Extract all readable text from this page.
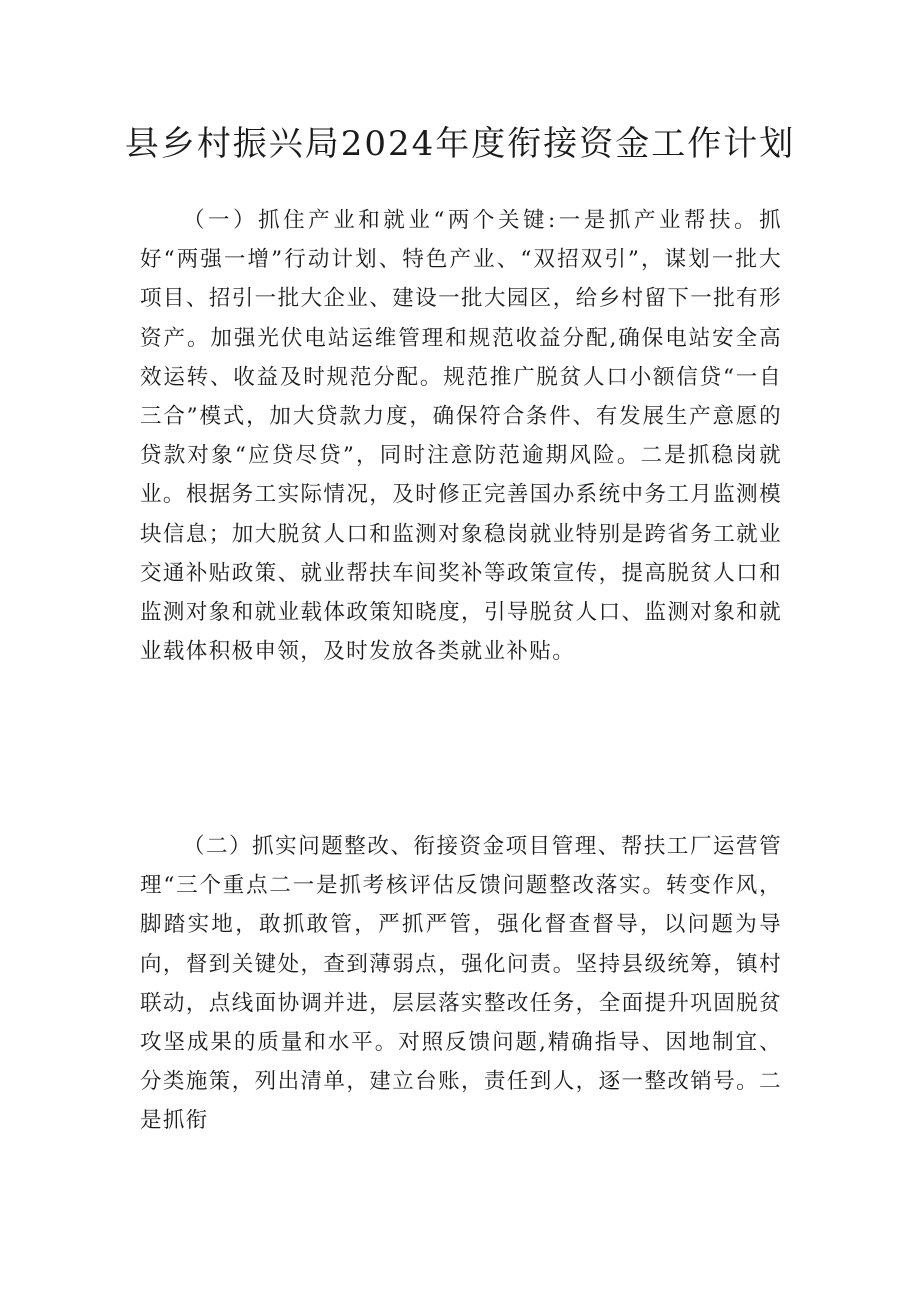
县乡村振兴局2024年度衔接资金工作计划

（一）抓住产业和就业“两个关键:一是抓产业帮扶。抓好“两强一增”行动计划、特色产业、“双招双引”，谋划一批大项目、招引一批大企业、建设一批大园区，给乡村留下一批有形资产。加强光伏电站运维管理和规范收益分配,确保电站安全高效运转、收益及时规范分配。规范推广脱贫人口小额信贷“一自三合”模式，加大贷款力度，确保符合条件、有发展生产意愿的贷款对象“应贷尽贷”，同时注意防范逾期风险。二是抓稳岗就业。根据务工实际情况，及时修正完善国办系统中务工月监测模块信息；加大脱贫人口和监测对象稳岗就业特别是跨省务工就业交通补贴政策、就业帮扶车间奖补等政策宣传，提高脱贫人口和监测对象和就业载体政策知晓度，引导脱贫人口、监测对象和就业载体积极申领，及时发放各类就业补贴。

（二）抓实问题整改、衔接资金项目管理、帮扶工厂运营管理“三个重点二一是抓考核评估反馈问题整改落实。转变作风，脚踏实地，敢抓敢管，严抓严管，强化督查督导，以问题为导向，督到关键处，查到薄弱点，强化问责。坚持县级统筹，镇村联动，点线面协调并进，层层落实整改任务，全面提升巩固脱贫攻坚成果的质量和水平。对照反馈问题,精确指导、因地制宜、分类施策，列出清单，建立台账，责任到人，逐一整改销号。二是抓衔
